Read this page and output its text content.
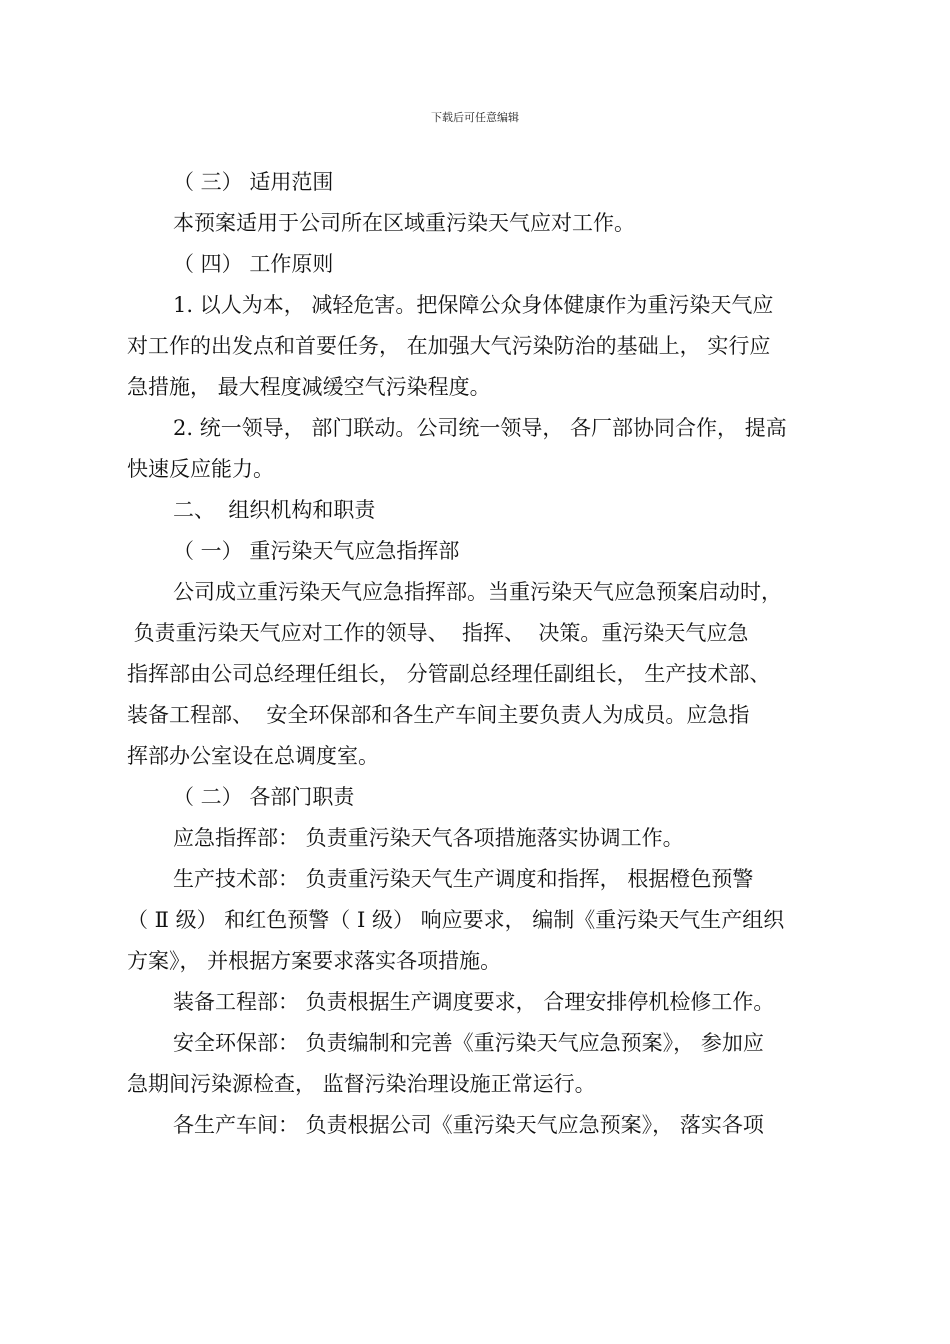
下载后可任意编辑

（ 三） 适用范围

本预案适用于公司所在区域重污染天气应对工作。

（ 四） 工作原则

1. 以人为本， 减轻危害。把保障公众身体健康作为重污染天气应

对工作的出发点和首要任务， 在加强大气污染防治的基础上， 实行应

急措施， 最大程度减缓空气污染程度。

2. 统一领导， 部门联动。公司统一领导， 各厂部协同合作， 提高

快速反应能力。

二、  组织机构和职责

（ 一） 重污染天气应急指挥部

公司成立重污染天气应急指挥部。当重污染天气应急预案启动时，

负责重污染天气应对工作的领导、  指挥、  决策。重污染天气应急

指挥部由公司总经理任组长， 分管副总经理任副组长， 生产技术部、

装备工程部、  安全环保部和各生产车间主要负责人为成员。应急指

挥部办公室设在总调度室。

（ 二） 各部门职责

应急指挥部： 负责重污染天气各项措施落实协调工作。

生产技术部： 负责重污染天气生产调度和指挥， 根据橙色预警

（ Ⅱ 级） 和红色预警（ Ⅰ 级） 响应要求， 编制《重污染天气生产组织

方案》， 并根据方案要求落实各项措施。

装备工程部： 负责根据生产调度要求， 合理安排停机检修工作。

安全环保部： 负责编制和完善《重污染天气应急预案》， 参加应

急期间污染源检查， 监督污染治理设施正常运行。

各生产车间： 负责根据公司《重污染天气应急预案》， 落实各项
